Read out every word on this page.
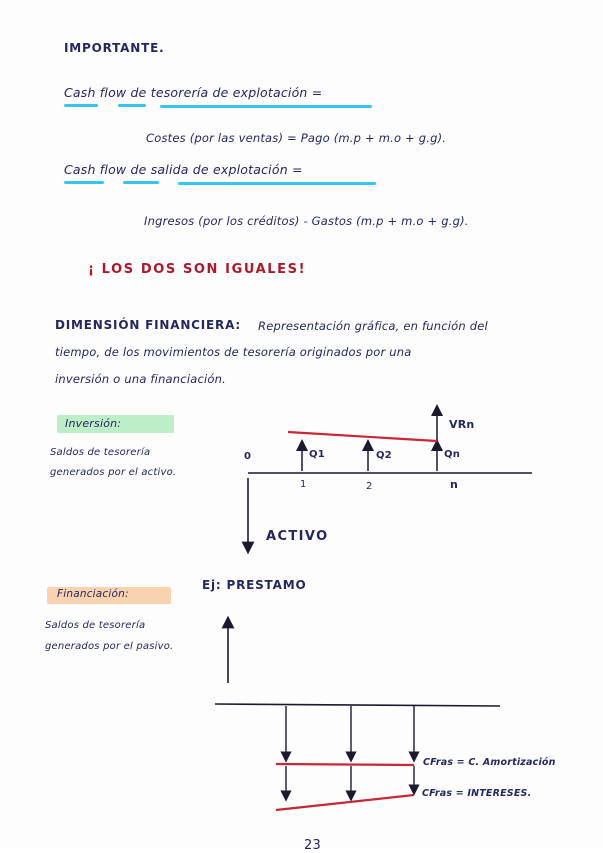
IMPORTANTE.
Cash flow de tesorería de explotación =
Costes (por las ventas) = Pago (m.p + m.o + g.g).
Cash flow de salida de explotación =
Ingresos (por los créditos) - Gastos (m.p + m.o + g.g).
¡ LOS DOS SON IGUALES!
DIMENSIÓN FINANCIERA: Representación gráfica, en función del
tiempo, de los movimientos de tesorería originados por una
inversión o una financiación.
Inversión:
Saldos de tesorería
generados por el activo.
Financiación:
Saldos de tesorería
generados por el pasivo.
Ej: PRESTAMO
0
1	2	n
Q1	Q2	Qn
VRn
ACTIVO
CFras = C. Amortización
CFras = INTERESES.
23
